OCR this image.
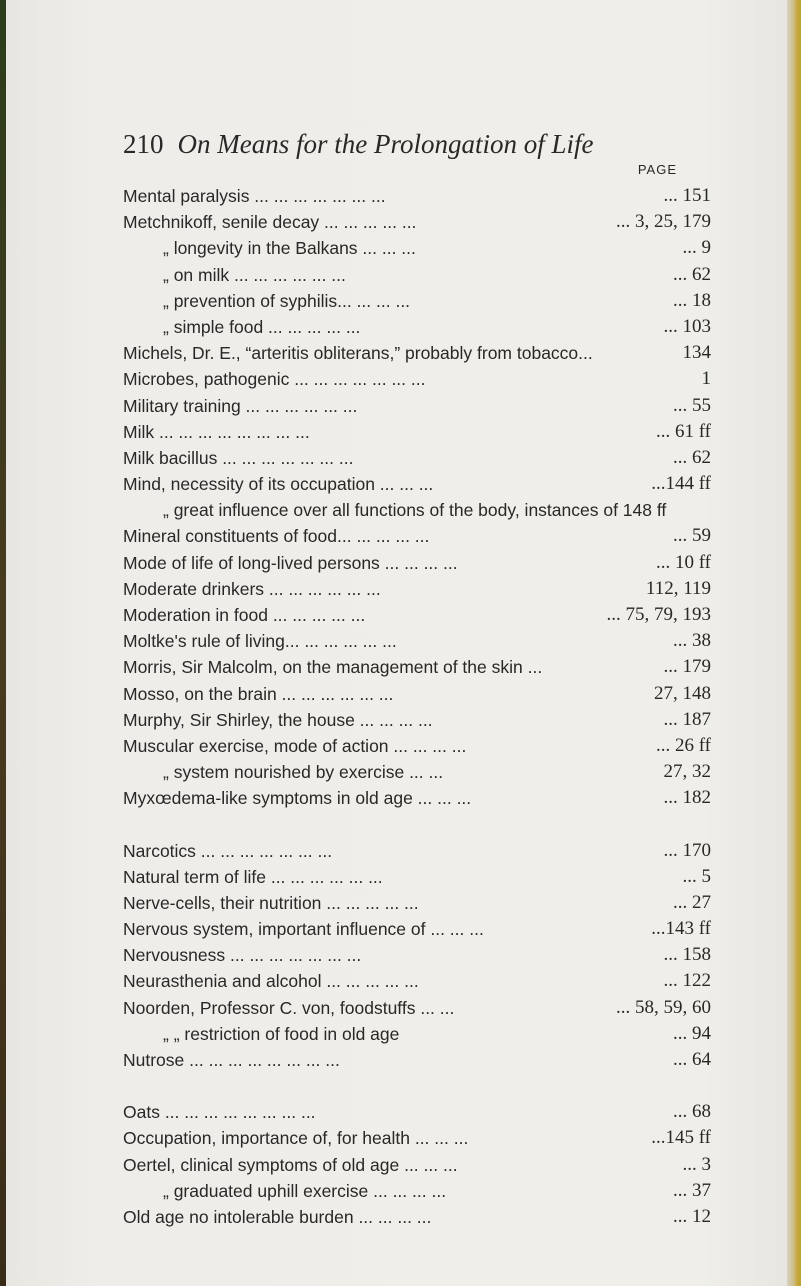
210 On Means for the Prolongation of Life
PAGE
Mental paralysis ... ... ... ... ... ... ...	... 151
Metchnikoff, senile decay ... ... ... ... ...	... 3, 25, 179
„ longevity in the Balkans ... ... ...	... 9
„ on milk ... ... ... ... ... ...	... 62
„ prevention of syphilis... ... ... ...	... 18
„ simple food ... ... ... ... ...	... 103
Michels, Dr. E., “arteritis obliterans,” probably from tobacco...	134
Microbes, pathogenic ... ... ... ... ... ... ...	1
Military training ... ... ... ... ... ...	... 55
Milk ... ... ... ... ... ... ... ...	... 61 ff
Milk bacillus ... ... ... ... ... ... ...	... 62
Mind, necessity of its occupation ... ... ...	...144 ff
„ great influence over all functions of the body, instances of 148 ff
Mineral constituents of food... ... ... ... ...	... 59
Mode of life of long-lived persons ... ... ... ...	... 10 ff
Moderate drinkers ... ... ... ... ... ...	112, 119
Moderation in food ... ... ... ... ...	... 75, 79, 193
Moltke's rule of living... ... ... ... ... ...	... 38
Morris, Sir Malcolm, on the management of the skin ...	... 179
Mosso, on the brain ... ... ... ... ... ...	27, 148
Murphy, Sir Shirley, the house ... ... ... ...	... 187
Muscular exercise, mode of action ... ... ... ...	... 26 ff
„ system nourished by exercise ... ...	27, 32
Myxœdema-like symptoms in old age ... ... ...	... 182
Narcotics ... ... ... ... ... ... ...	... 170
Natural term of life ... ... ... ... ... ...	... 5
Nerve-cells, their nutrition ... ... ... ... ...	... 27
Nervous system, important influence of ... ... ...	...143 ff
Nervousness ... ... ... ... ... ... ...	... 158
Neurasthenia and alcohol ... ... ... ... ...	... 122
Noorden, Professor C. von, foodstuffs ... ...	... 58, 59, 60
„ „ restriction of food in old age	... 94
Nutrose ... ... ... ... ... ... ... ...	... 64
Oats ... ... ... ... ... ... ... ...	... 68
Occupation, importance of, for health ... ... ...	...145 ff
Oertel, clinical symptoms of old age ... ... ...	... 3
„ graduated uphill exercise ... ... ... ...	... 37
Old age no intolerable burden ... ... ... ...	... 12
